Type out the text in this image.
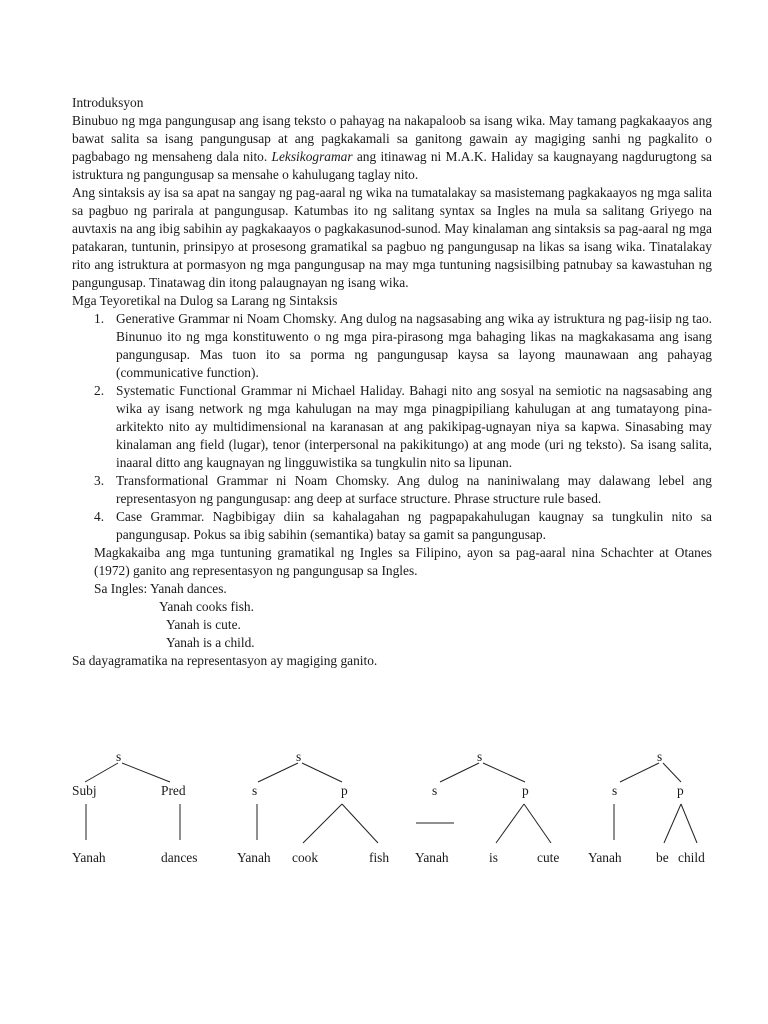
Introduksyon

Binubuo ng mga pangungusap ang isang teksto o pahayag na nakapaloob sa isang wika. May tamang pagkakaayos ang bawat salita sa isang pangungusap at ang pagkakamali sa ganitong gawain ay magiging sanhi ng pagkalito o pagbabago ng mensaheng dala nito. Leksikogramar ang itinawag ni M.A.K. Haliday sa kaugnayang nagdurugtong sa istruktura ng pangungusap sa mensahe o kahulugang taglay nito.

Ang sintaksis ay isa sa apat na sangay ng pag-aaral ng wika na tumatalakay sa masistemang pagkakaayos ng mga salita sa pagbuo ng parirala at pangungusap. Katumbas ito ng salitang syntax sa Ingles na mula sa salitang Griyego na auvtaxis na ang ibig sabihin ay pagkakaayos o pagkakasunod-sunod. May kinalaman ang sintaksis sa pag-aaral ng mga patakaran, tuntunin, prinsipyo at prosesong gramatikal sa pagbuo ng pangungusap na likas sa isang wika. Tinatalakay rito ang istruktura at pormasyon ng mga pangungusap na may mga tuntuning nagsisilbing patnubay sa kawastuhan ng pangungusap. Tinatawag din itong palaugnayan ng isang wika.

Mga Teyoretikal na Dulog sa Larang ng Sintaksis

1. Generative Grammar ni Noam Chomsky. Ang dulog na nagsasabing ang wika ay istruktura ng pag-iisip ng tao. Binunuo ito ng mga konstituwento o ng mga pira-pirasong mga bahaging likas na magkakasama ang isang pangungusap. Mas tuon ito sa porma ng pangungusap kaysa sa layong maunawaan ang pahayag (communicative function).
2. Systematic Functional Grammar ni Michael Haliday. Bahagi nito ang sosyal na semiotic na nagsasabing ang wika ay isang network ng mga kahulugan na may mga pinagpipiliang kahulugan at ang tumatayong pina-arkitekto nito ay multidimensional na karanasan at ang pakikipag-ugnayan niya sa kapwa. Sinasabing may kinalaman ang field (lugar), tenor (interpersonal na pakikitungo) at ang mode (uri ng teksto). Sa isang salita, inaaral ditto ang kaugnayan ng lingguwistika sa tungkulin nito sa lipunan.
3. Transformational Grammar ni Noam Chomsky. Ang dulog na naniniwalang may dalawang lebel ang representasyon ng pangungusap: ang deep at surface structure. Phrase structure rule based.
4. Case Grammar. Nagbibigay diin sa kahalagahan ng pagpapakahulugan kaugnay sa tungkulin nito sa pangungusap. Pokus sa ibig sabihin (semantika) batay sa gamit sa pangungusap.

Magkakaiba ang mga tuntuning gramatikal ng Ingles sa Filipino, ayon sa pag-aaral nina Schachter at Otanes (1972) ganito ang representasyon ng pangungusap sa Ingles.

Sa Ingles: Yanah dances.

Yanah cooks fish.

Yanah is cute.

Yanah is a child.

Sa dayagramatika na representasyon ay magiging ganito.

s
Subj	Pred
Yanah	dances
s
s	p
Yanah cook	fish
s
s	p
Yanah	is	cute
s
s	p
Yanah	be child
